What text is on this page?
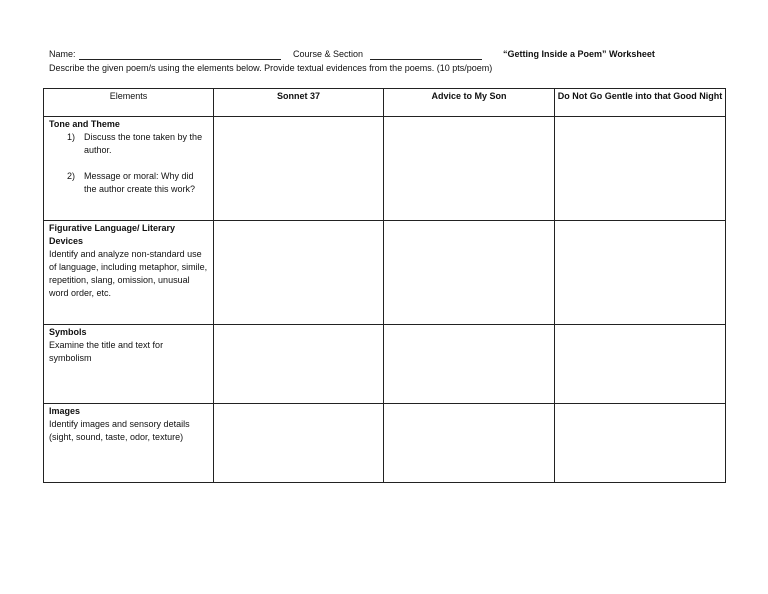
Name:	Course & Section	“Getting Inside a Poem” Worksheet
Describe the given poem/s using the elements below. Provide textual evidences from the poems. (10 pts/poem)
Elements	Sonnet 37	Advice to My Son	Do Not Go Gentle into that Good Night

Tone and Theme
1) Discuss the tone taken by the author.
2) Message or moral: Why did the author create this work?			

Figurative Language/ Literary Devices
Identify and analyze non-standard use of language, including metaphor, simile, repetition, slang, omission, unusual word order, etc.			

Symbols
Examine the title and text for symbolism			

Images
Identify images and sensory details (sight, sound, taste, odor, texture)			
